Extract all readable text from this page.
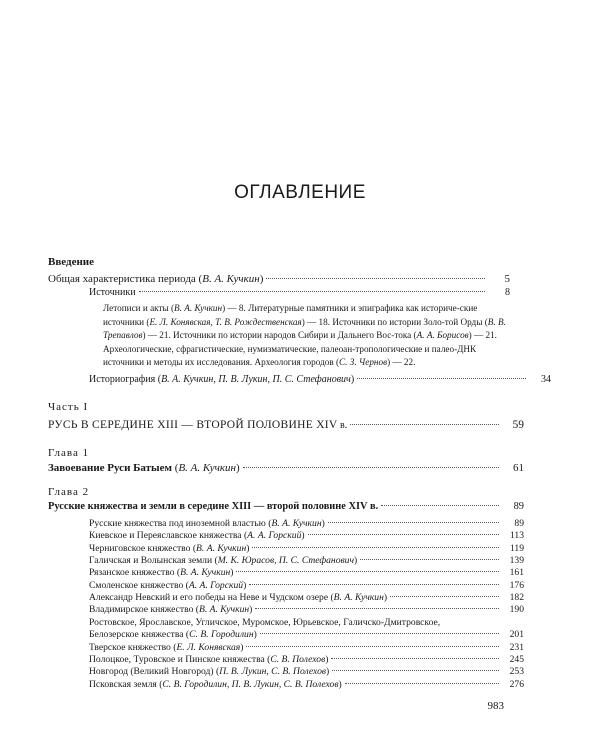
ОГЛАВЛЕНИЕ
Введение
Общая характеристика периода (В. А. Кучкин)	5
Источники	8
Летописи и акты (В. А. Кучкин) — 8. Литературные памятники и эпиграфика как историче-ские источники (Е. Л. Конявская, Т. В. Рождественская) — 18. Источники по истории Золо-той Орды (В. В. Трепавлов) — 21. Источники по истории народов Сибири и Дальнего Вос-тока (А. А. Борисов) — 21. Археологические, сфрагистические, нумизматические, палеоан-тропологические и палео-ДНК источники и методы их исследования. Археология городов (С. З. Чернов) — 22.
Историография (В. А. Кучкин, П. В. Лукин, П. С. Стефанович)	34
Часть I
РУСЬ В СЕРЕДИНЕ XIII — ВТОРОЙ ПОЛОВИНЕ XIV в.	59
Глава 1
Завоевание Руси Батыем (В. А. Кучкин)	61
Глава 2
Русские княжества и земли в середине XIII — второй половине XIV в.	89
Русские княжества под иноземной властью (В. А. Кучкин)	89
Киевское и Переяславское княжества (А. А. Горский)	113
Черниговское княжество (В. А. Кучкин)	119
Галичская и Волынская земли (М. К. Юрасов, П. С. Стефанович)	139
Рязанское княжество (В. А. Кучкин)	161
Смоленское княжество (А. А. Горский)	176
Александр Невский и его победы на Неве и Чудском озере (В. А. Кучкин)	182
Владимирское княжество (В. А. Кучкин)	190
Ростовское, Ярославское, Угличское, Муромское, Юрьевское, Галичско-Дмитровское,
Белозерское княжества (С. В. Городилин)	201
Тверское княжество (Е. Л. Конявская)	231
Полоцкое, Туровское и Пинское княжества (С. В. Полехов)	245
Новгород (Великий Новгород) (П. В. Лукин, С. В. Полехов)	253
Псковская земля (С. В. Городилин, П. В. Лукин, С. В. Полехов)	276
983
